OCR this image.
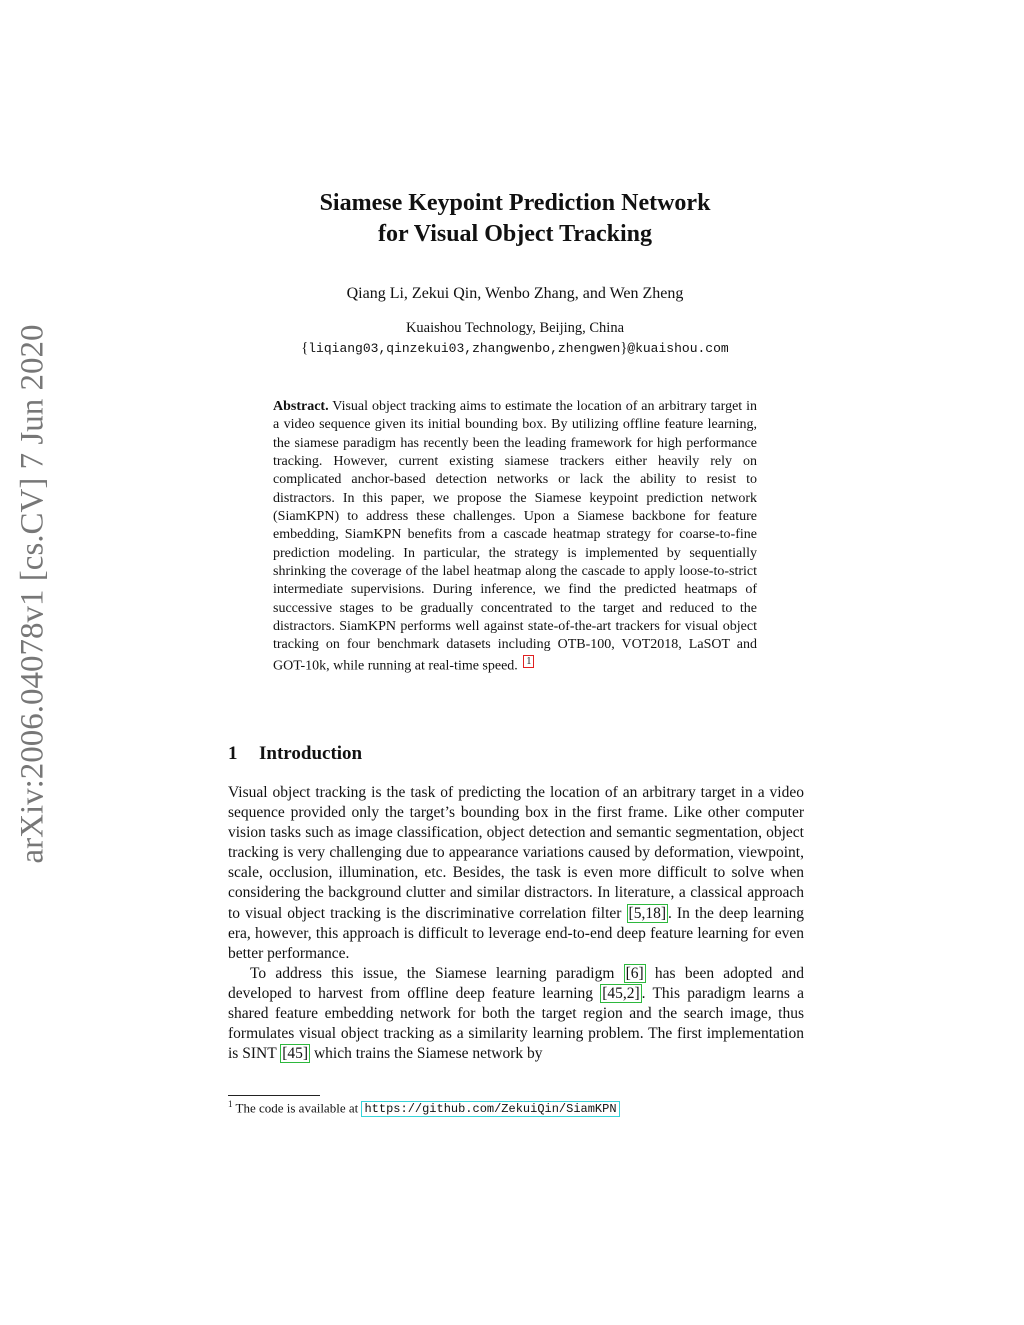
arXiv:2006.04078v1 [cs.CV] 7 Jun 2020
Siamese Keypoint Prediction Network
for Visual Object Tracking
Qiang Li, Zekui Qin, Wenbo Zhang, and Wen Zheng
Kuaishou Technology, Beijing, China
{liqiang03,qinzekui03,zhangwenbo,zhengwen}@kuaishou.com
Abstract. Visual object tracking aims to estimate the location of an arbitrary target in a video sequence given its initial bounding box. By utilizing offline feature learning, the siamese paradigm has recently been the leading framework for high performance tracking. However, current existing siamese trackers either heavily rely on complicated anchor-based detection networks or lack the ability to resist to distractors. In this paper, we propose the Siamese keypoint prediction network (SiamKPN) to address these challenges. Upon a Siamese backbone for feature embedding, SiamKPN benefits from a cascade heatmap strategy for coarse-to-fine prediction modeling. In particular, the strategy is implemented by sequentially shrinking the coverage of the label heatmap along the cascade to apply loose-to-strict intermediate supervisions. During inference, we find the predicted heatmaps of successive stages to be gradually concentrated to the target and reduced to the distractors. SiamKPN performs well against state-of-the-art trackers for visual object tracking on four benchmark datasets including OTB-100, VOT2018, LaSOT and GOT-10k, while running at real-time speed. 1
1 Introduction

Visual object tracking is the task of predicting the location of an arbitrary target in a video sequence provided only the target’s bounding box in the first frame. Like other computer vision tasks such as image classification, object detection and semantic segmentation, object tracking is very challenging due to appearance variations caused by deformation, viewpoint, scale, occlusion, illumination, etc. Besides, the task is even more difficult to solve when considering the background clutter and similar distractors. In literature, a classical approach to visual object tracking is the discriminative correlation filter [5,18] . In the deep learning era, however, this approach is difficult to leverage end-to-end deep feature learning for even better performance.

To address this issue, the Siamese learning paradigm [6] has been adopted and developed to harvest from offline deep feature learning [45,2] . This paradigm learns a shared feature embedding network for both the target region and the search image, thus formulates visual object tracking as a similarity learning problem. The first implementation is SINT [45] which trains the Siamese network by

$^1$ The code is available at https://github.com/ZekuiQin/SiamKPN
